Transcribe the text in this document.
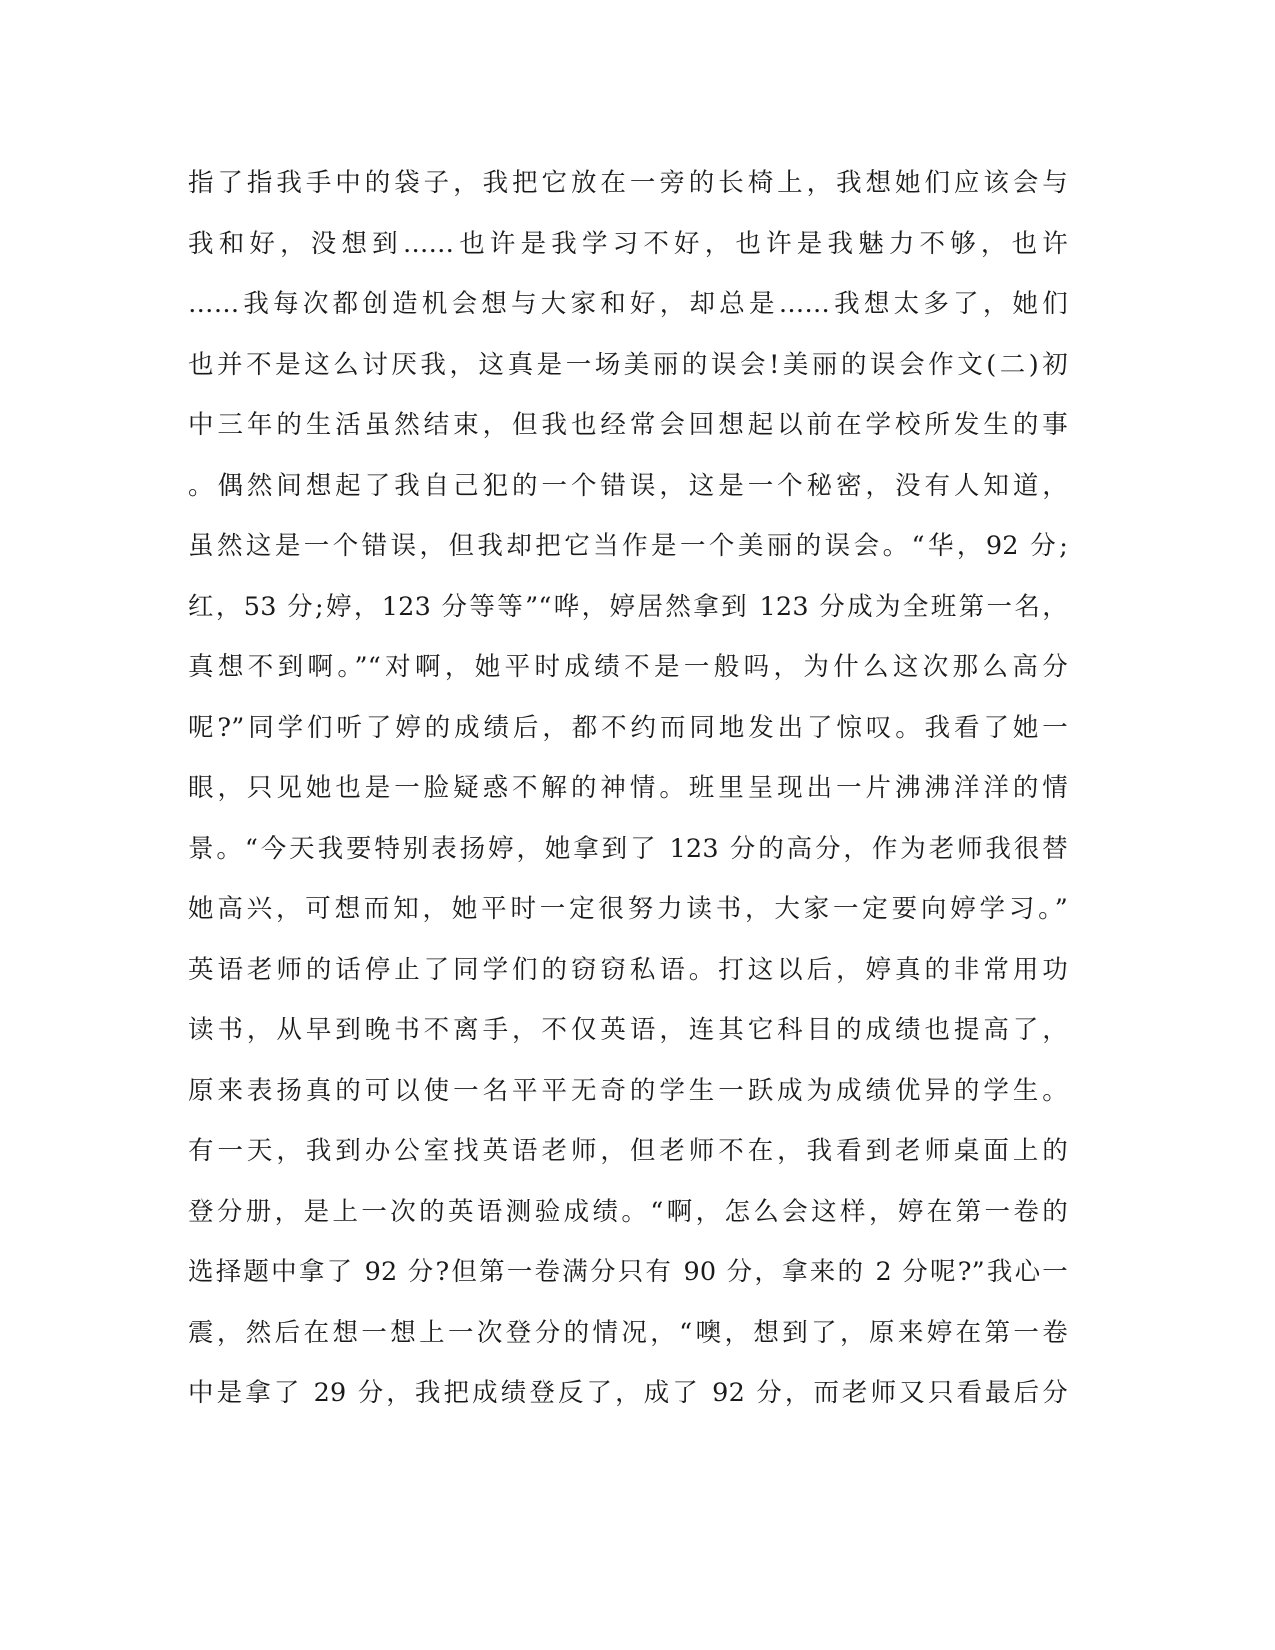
指了指我手中的袋子，我把它放在一旁的长椅上，我想她们应该会与
我和好，没想到……也许是我学习不好，也许是我魅力不够，也许
……我每次都创造机会想与大家和好，却总是……我想太多了，她们
也并不是这么讨厌我，这真是一场美丽的误会!美丽的误会作文(二)初
中三年的生活虽然结束，但我也经常会回想起以前在学校所发生的事
。偶然间想起了我自己犯的一个错误，这是一个秘密，没有人知道，
虽然这是一个错误，但我却把它当作是一个美丽的误会。“华，92 分;
红，53 分;婷，123 分等等”“哗，婷居然拿到 123 分成为全班第一名，
真想不到啊。”“对啊，她平时成绩不是一般吗，为什么这次那么高分
呢?”同学们听了婷的成绩后，都不约而同地发出了惊叹。我看了她一
眼，只见她也是一脸疑惑不解的神情。班里呈现出一片沸沸洋洋的情
景。“今天我要特别表扬婷，她拿到了 123 分的高分，作为老师我很替
她高兴，可想而知，她平时一定很努力读书，大家一定要向婷学习。”
英语老师的话停止了同学们的窃窃私语。打这以后，婷真的非常用功
读书，从早到晚书不离手，不仅英语，连其它科目的成绩也提高了，
原来表扬真的可以使一名平平无奇的学生一跃成为成绩优异的学生。
有一天，我到办公室找英语老师，但老师不在，我看到老师桌面上的
登分册，是上一次的英语测验成绩。“啊，怎么会这样，婷在第一卷的
选择题中拿了 92 分?但第一卷满分只有 90 分，拿来的 2 分呢?”我心一
震，然后在想一想上一次登分的情况，“噢，想到了，原来婷在第一卷
中是拿了 29 分，我把成绩登反了，成了 92 分，而老师又只看最后分
